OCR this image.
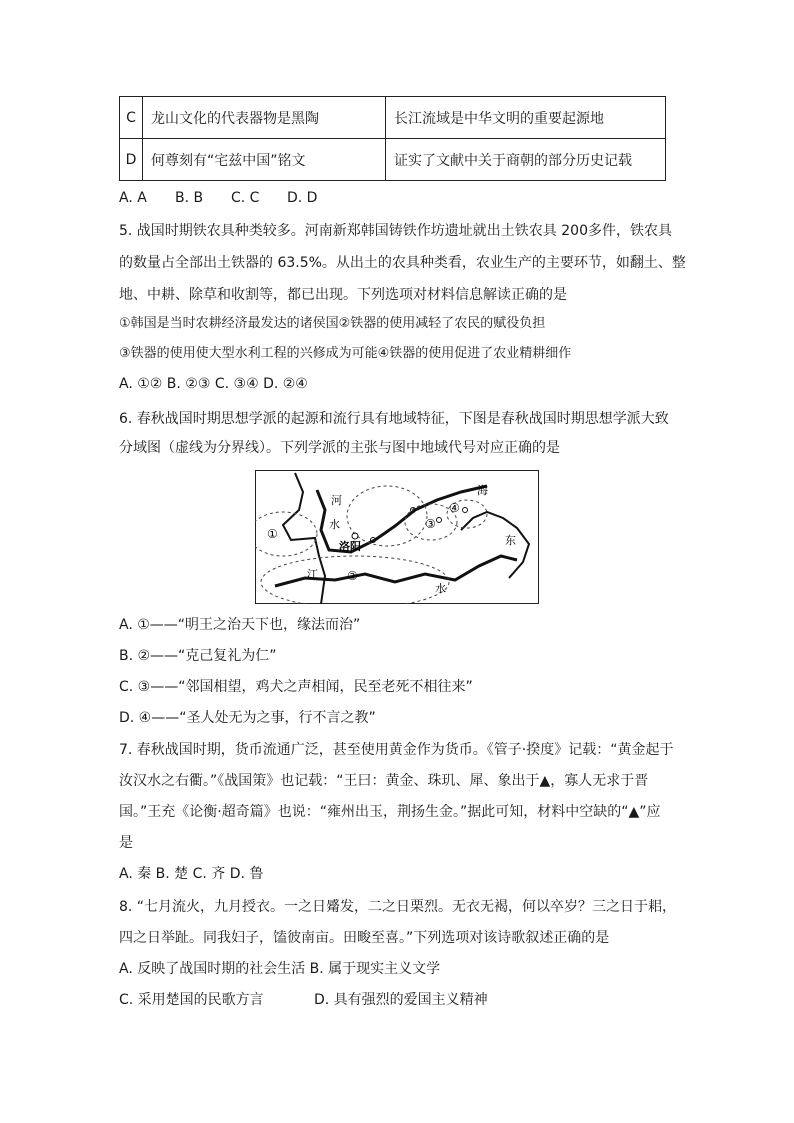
C	龙山文化的代表器物是黑陶	长江流域是中华文明的重要起源地
D	何尊刻有“宅兹中国”铭文	证实了文献中关于商朝的部分历史记载
A. A B. B C. C D. D
5. 战国时期铁农具种类较多。河南新郑韩国铸铁作坊遗址就出土铁农具 200多件，铁农具
的数量占全部出土铁器的 63.5%。从出土的农具种类看，农业生产的主要环节，如翻土、整
地、中耕、除草和收割等，都已出现。下列选项对材料信息解读正确的是
①韩国是当时农耕经济最发达的诸侯国②铁器的使用减轻了农民的赋役负担
③铁器的使用使大型水利工程的兴修成为可能④铁器的使用促进了农业精耕细作
A. ①② B. ②③ C. ③④ D. ②④
6. 春秋战国时期思想学派的起源和流行具有地域特征，下图是春秋战国时期思想学派大致
分域图（虚线为分界线）。下列学派的主张与图中地域代号对应正确的是
①
②
③
④
河
水
洛阳
江
水
海
东
A. ①——“明王之治天下也，缘法而治”
B. ②——“克己复礼为仁”
C. ③——“邻国相望，鸡犬之声相闻，民至老死不相往来”
D. ④——“圣人处无为之事，行不言之教”
7. 春秋战国时期，货币流通广泛，甚至使用黄金作为货币。《管子·揆度》记载：“黄金起于
汝汉水之右衢。”《战国策》也记载：“王曰：黄金、珠玑、犀、象出于▲，寡人无求于晋
国。”王充《论衡·超奇篇》也说：“雍州出玉，荆扬生金。”据此可知，材料中空缺的“▲”应
是
A. 秦 B. 楚 C. 齐 D. 鲁
8. “七月流火，九月授衣。一之日觱发，二之日栗烈。无衣无褐，何以卒岁？三之日于耜，
四之日举趾。同我妇子，馌彼南亩。田畯至喜。”下列选项对该诗歌叙述正确的是
A. 反映了战国时期的社会生活 B. 属于现实主义文学
C. 采用楚国的民歌方言	D. 具有强烈的爱国主义精神
